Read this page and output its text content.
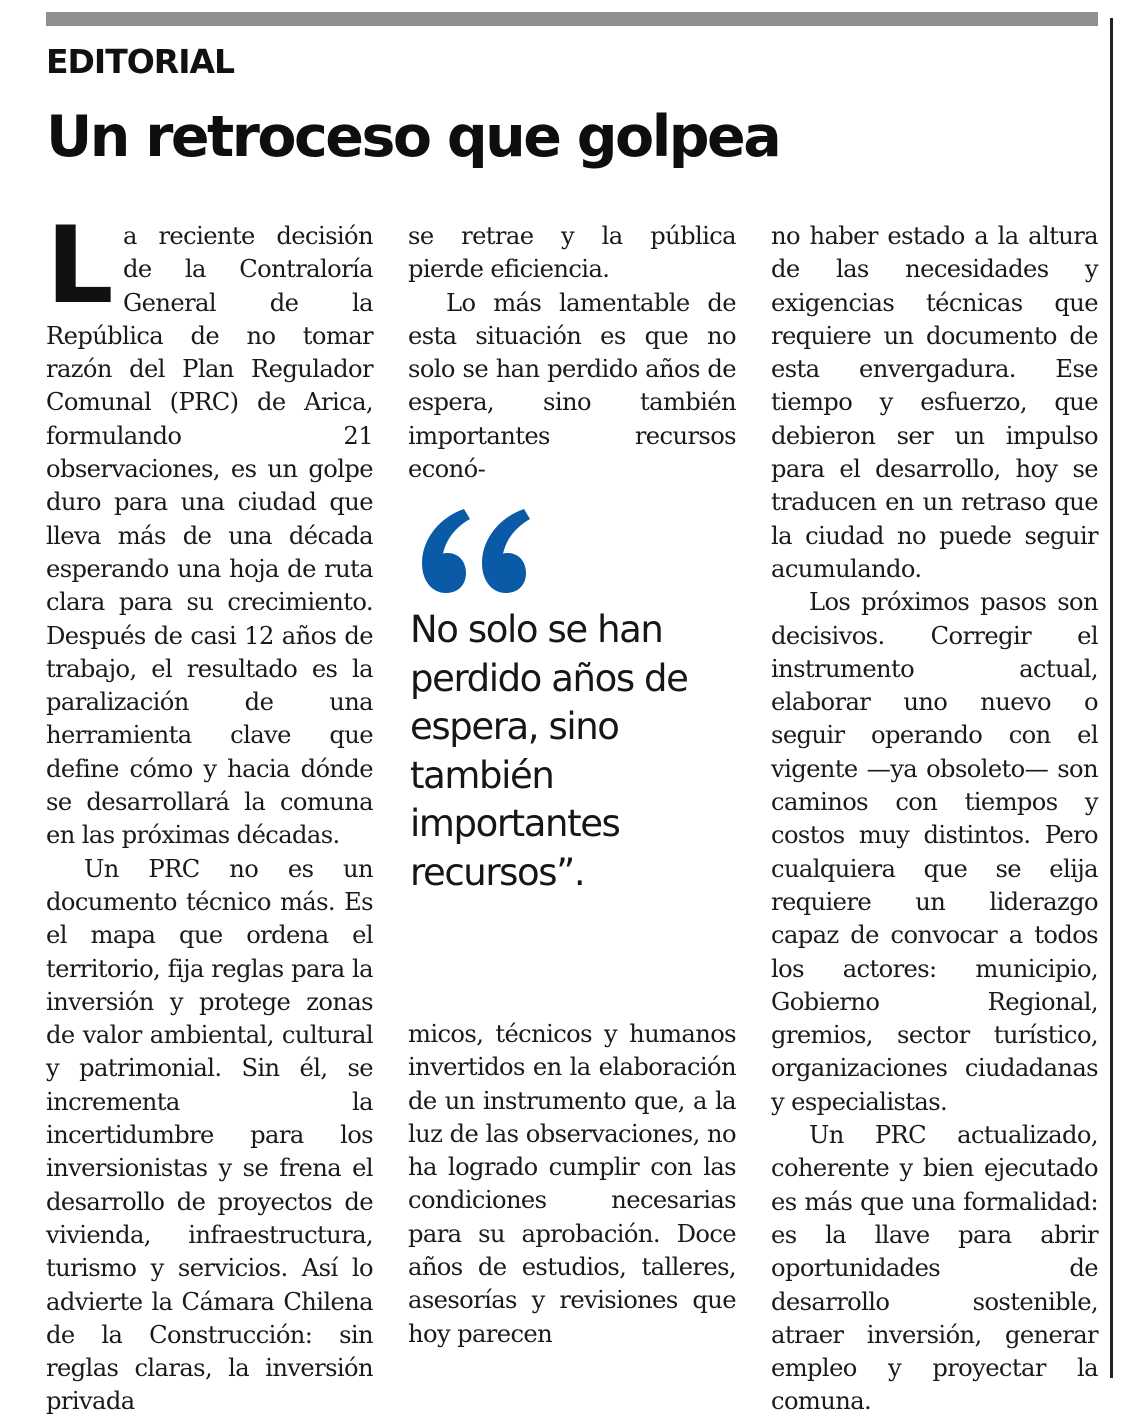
EDITORIAL
Un retroceso que golpea

La reciente decisión de la Contraloría General de la República de no tomar razón del Plan Regulador Comunal (PRC) de Arica, formulando 21 observaciones, es un golpe duro para una ciudad que lleva más de una década esperando una hoja de ruta clara para su crecimiento. Después de casi 12 años de trabajo, el resultado es la paralización de una herramienta clave que define cómo y hacia dónde se desarrollará la comuna en las próximas décadas.

Un PRC no es un documento técnico más. Es el mapa que ordena el territorio, fija reglas para la inversión y protege zonas de valor ambiental, cultural y patrimonial. Sin él, se incrementa la incertidumbre para los inversionistas y se frena el desarrollo de proyectos de vivienda, infraestructura, turismo y servicios. Así lo advierte la Cámara Chilena de la Construcción: sin reglas claras, la inversión privada

se retrae y la pública pierde eficiencia.

Lo más lamentable de esta situación es que no solo se han perdido años de espera, sino también importantes recursos econó-

No solo se han perdido años de espera, sino también importantes recursos”.

micos, técnicos y humanos invertidos en la elaboración de un instrumento que, a la luz de las observaciones, no ha logrado cumplir con las condiciones necesarias para su aprobación. Doce años de estudios, talleres, asesorías y revisiones que hoy parecen

no haber estado a la altura de las necesidades y exigencias técnicas que requiere un documento de esta envergadura. Ese tiempo y esfuerzo, que debieron ser un impulso para el desarrollo, hoy se traducen en un retraso que la ciudad no puede seguir acumulando.

Los próximos pasos son decisivos. Corregir el instrumento actual, elaborar uno nuevo o seguir operando con el vigente —ya obsoleto— son caminos con tiempos y costos muy distintos. Pero cualquiera que se elija requiere un liderazgo capaz de convocar a todos los actores: municipio, Gobierno Regional, gremios, sector turístico, organizaciones ciudadanas y especialistas.

Un PRC actualizado, coherente y bien ejecutado es más que una formalidad: es la llave para abrir oportunidades de desarrollo sostenible, atraer inversión, generar empleo y proyectar la comuna.
